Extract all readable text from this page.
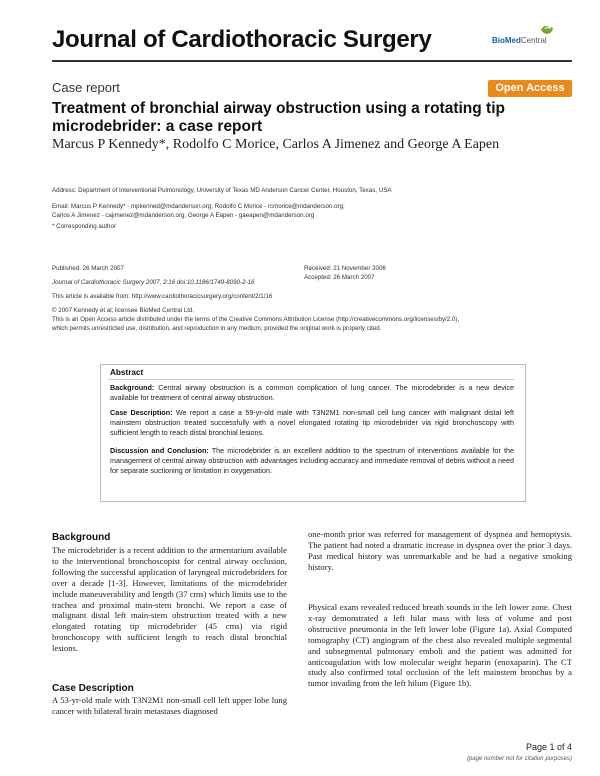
Journal of Cardiothoracic Surgery	BioMedCentral
Case report	Open Access
Treatment of bronchial airway obstruction using a rotating tip microdebrider: a case report
Marcus P Kennedy*, Rodolfo C Morice, Carlos A Jimenez and George A Eapen
Address: Department of Interventional Pulmonology, University of Texas MD Anderson Cancer Center, Houston, Texas, USA
Email: Marcus P Kennedy* - mpkenned@mdanderson.org; Rodolfo C Morice - rcmorice@mdanderson.org;
Carlos A Jimenez - cajimenez@mdanderson.org; George A Eapen - gaeapen@mdanderson.org
* Corresponding author
Published: 26 March 2007
Journal of Cardiothoracic Surgery 2007, 2:16 doi:10.1186/1749-8090-2-16
Received: 21 November 2006
Accepted: 26 March 2007
This article is available from: http://www.cardiothoracicsurgery.org/content/2/1/16
© 2007 Kennedy et al; licensee BioMed Central Ltd.
This is an Open Access article distributed under the terms of the Creative Commons Attribution License (http://creativecommons.org/licenses/by/2.0),
which permits unrestricted use, distribution, and reproduction in any medium, provided the original work is properly cited.
Abstract
Background: Central airway obstruction is a common complication of lung cancer. The microdebrider is a new device available for treatment of central airway obstruction.
Case Description: We report a case a 59-yr-old male with T3N2M1 non-small cell lung cancer with malignant distal left mainstem obstruction treated successfully with a novel elongated rotating tip microdebrider via rigid bronchoscopy with sufficient length to reach distal bronchial lesions.
Discussion and Conclusion: The microdebrider is an excellent addition to the spectrum of interventions available for the management of central airway obstruction with advantages including accuracy and immediate removal of debris without a need for separate suctioning or limitation in oxygenation.
Background
The microdebrider is a recent addition to the armentarium available to the interventional bronchoscopist for central airway occlusion, following the successful application of laryngeal microdebriders for over a decade [1-3]. However, limitations of the microdebrider include maneuverability and length (37 cms) which limits use to the trachea and proximal main-stem bronchi. We report a case of malignant distal left main-stem obstruction treated with a new elongated rotating tip microdebrider (45 cms) via rigid bronchoscopy with sufficient length to reach distal bronchial lesions.
Case Description
A 53-yr-old male with T3N2M1 non-small cell left upper lobe lung cancer with bilateral brain metastases diagnosed
one-month prior was referred for management of dyspnea and hemoptysis. The patient had noted a dramatic increase in dyspnea over the prior 3 days. Past medical history was unremarkable and he had a negative smoking history.
Physical exam revealed reduced breath sounds in the left lower zone. Chest x-ray demonstrated a left hilar mass with loss of volume and post obstructive pneumonia in the left lower lobe (Figure 1a). Axial Computed tomography (CT) angiogram of the chest also revealed multiple segmental and subsegmental pulmonary emboli and the patient was admitted for anticoagulation with low molecular weight heparin (enoxaparin). The CT study also confirmed total occlusion of the left mainstem bronchus by a tumor invading from the left hilum (Figure 1b).
Page 1 of 4
(page number not for citation purposes)
